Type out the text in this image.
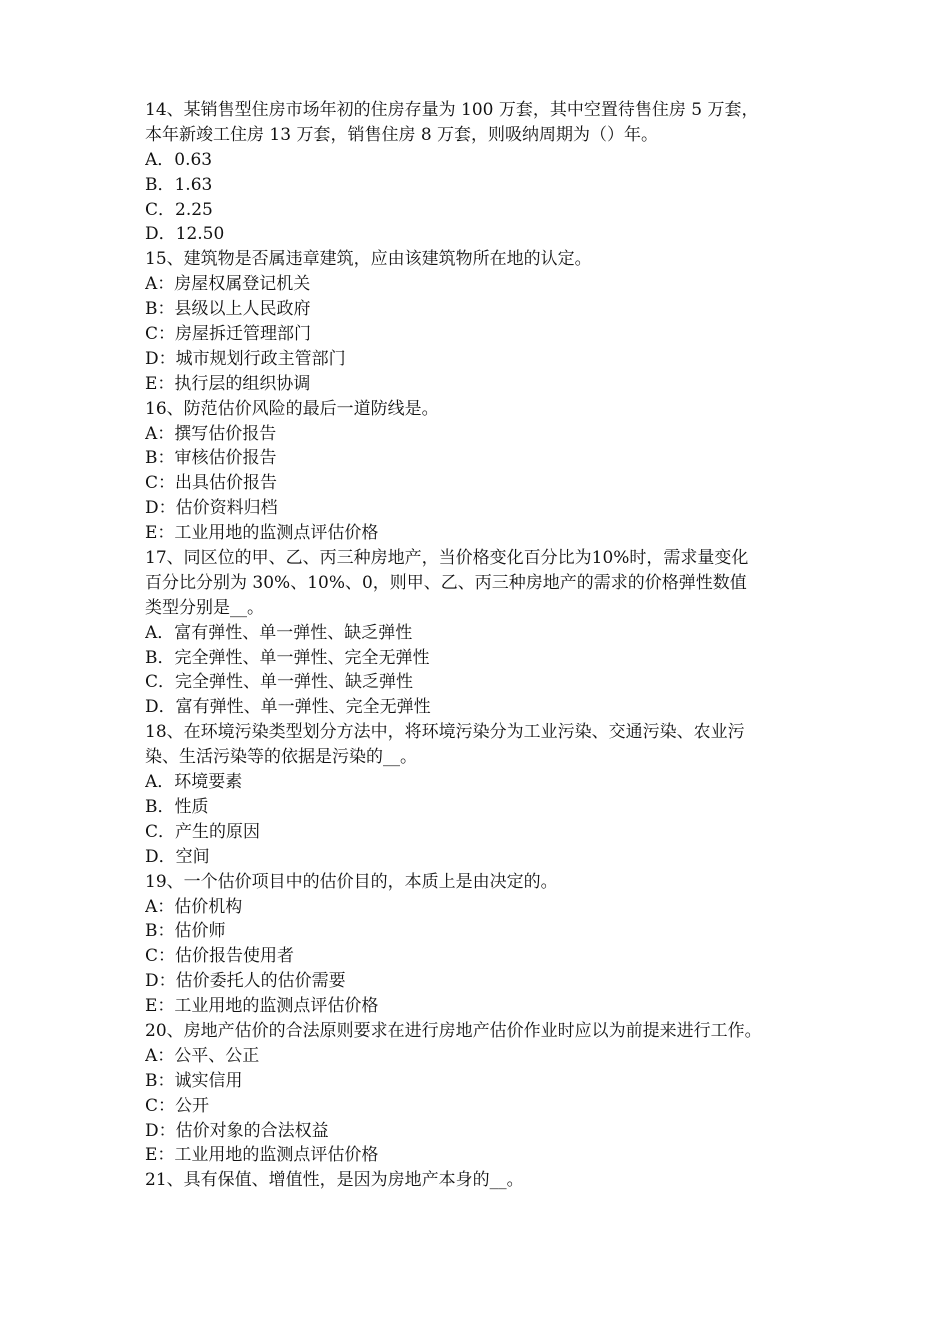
14、某销售型住房市场年初的住房存量为 100 万套，其中空置待售住房 5 万套，
本年新竣工住房 13 万套，销售住房 8 万套，则吸纳周期为（）年。
A．0.63
B．1.63
C．2.25
D．12.50
15、建筑物是否属违章建筑，应由该建筑物所在地的认定。
A：房屋权属登记机关
B：县级以上人民政府
C：房屋拆迁管理部门
D：城市规划行政主管部门
E：执行层的组织协调
16、防范估价风险的最后一道防线是。
A：撰写估价报告
B：审核估价报告
C：出具估价报告
D：估价资料归档
E：工业用地的监测点评估价格
17、同区位的甲、乙、丙三种房地产，当价格变化百分比为10%时，需求量变化
百分比分别为 30%、10%、0，则甲、乙、丙三种房地产的需求的价格弹性数值
类型分别是__。
A．富有弹性、单一弹性、缺乏弹性
B．完全弹性、单一弹性、完全无弹性
C．完全弹性、单一弹性、缺乏弹性
D．富有弹性、单一弹性、完全无弹性
18、在环境污染类型划分方法中，将环境污染分为工业污染、交通污染、农业污
染、生活污染等的依据是污染的__。
A．环境要素
B．性质
C．产生的原因
D．空间
19、一个估价项目中的估价目的，本质上是由决定的。
A：估价机构
B：估价师
C：估价报告使用者
D：估价委托人的估价需要
E：工业用地的监测点评估价格
20、房地产估价的合法原则要求在进行房地产估价作业时应以为前提来进行工作。
A：公平、公正
B：诚实信用
C：公开
D：估价对象的合法权益
E：工业用地的监测点评估价格
21、具有保值、增值性，是因为房地产本身的__。
